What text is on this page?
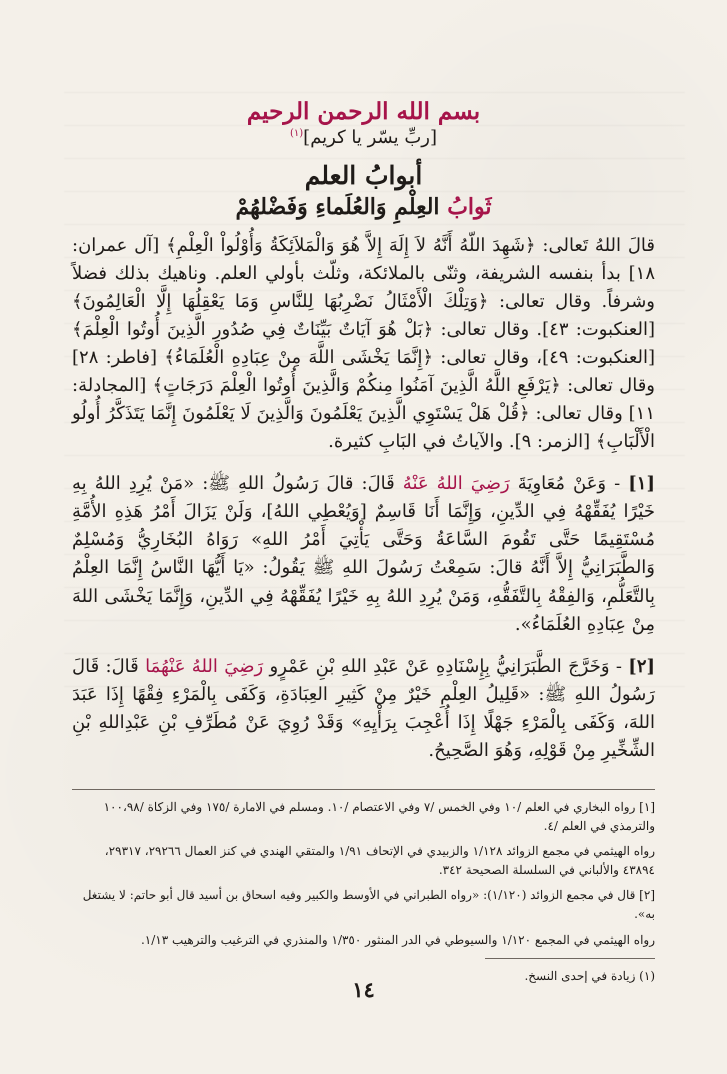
بسم الله الرحمن الرحيم
[ربِّ يسّر يا كريم]$^{(١)}$
أبوابُ العلم
ثَوابُ العِلْمِ وَالعُلَماءِ وَفَضْلهُمْ

قالَ اللهُ تَعالى: ﴿شَهِدَ اللّهُ أَنَّهُ لاَ إِلَهَ إِلاَّ هُوَ وَالْمَلاَئِكَةُ وَأُوْلُواْ الْعِلْمِ﴾ [آل عمران: ١٨] بدأ بنفسه الشريفة، وثنّى بالملائكة، وثلّث بأولي العلم. وناهيك بذلك فضلاً وشرفاً. وقال تعالى: ﴿وَتِلْكَ الْأَمْثَالُ نَضْرِبُهَا لِلنَّاسِ وَمَا يَعْقِلُهَا إِلَّا الْعَالِمُونَ﴾ [العنكبوت: ٤٣]. وقال تعالى: ﴿بَلْ هُوَ آيَاتٌ بَيِّنَاتٌ فِي صُدُورِ الَّذِينَ أُوتُوا الْعِلْمَ﴾ [العنكبوت: ٤٩]، وقال تعالى: ﴿إِنَّمَا يَخْشَى اللَّهَ مِنْ عِبَادِهِ الْعُلَمَاءُ﴾ [فاطر: ٢٨] وقال تعالى: ﴿يَرْفَعِ اللَّهُ الَّذِينَ آمَنُوا مِنكُمْ وَالَّذِينَ أُوتُوا الْعِلْمَ دَرَجَاتٍ﴾ [المجادلة: ١١] وقال تعالى: ﴿قُلْ هَلْ يَسْتَوِي الَّذِينَ يَعْلَمُونَ وَالَّذِينَ لَا يَعْلَمُونَ إِنَّمَا يَتَذَكَّرُ أُولُو الْأَلْبَابِ﴾ [الزمر: ٩]. والآياتُ في البَابِ كثيرة.

[١] - وَعَنْ مُعَاوِيَةَ رَضِيَ اللهُ عَنْهُ قَالَ: قالَ رَسُولُ اللهِ ﷺ: «مَنْ يُرِدِ اللهُ بِهِ خَيْرًا يُفَقِّهْهُ فِي الدِّينِ، وَإِنَّمَا أَنَا قَاسِمٌ [وَيُعْطِي اللهُ]، وَلَنْ يَزَالَ أَمْرُ هَذِهِ الأُمَّةِ مُسْتَقِيمًا حَتَّى تَقُومَ السَّاعَةُ وَحَتَّى يَأْتِيَ أَمْرُ اللهِ» رَوَاهُ البُخَارِيُّ وَمُسْلِمٌ وَالطَّبَرَانِيُّ إِلاَّ أَنَّهُ قالَ: سَمِعْتُ رَسُولَ اللهِ ﷺ يَقُولُ: «يَا أَيُّهَا النَّاسُ إِنَّمَا العِلْمُ بِالتَّعَلُّمِ، وَالفِقْهُ بِالتَّفَقُّهِ، وَمَنْ يُرِدِ اللهُ بِهِ خَيْرًا يُفَقِّهْهُ فِي الدِّينِ، وَإِنَّمَا يَخْشَى اللهَ مِنْ عِبَادِهِ العُلَمَاءُ».

[٢] - وَخَرَّجَ الطَّبَرَانِيُّ بِإِسْنَادِهِ عَنْ عَبْدِ اللهِ بْنِ عَمْرٍو رَضِيَ اللهُ عَنْهُمَا قَالَ: قَالَ رَسُولُ اللهِ ﷺ: «قَلِيلُ العِلْمِ خَيْرٌ مِنْ كَثِيرِ العِبَادَةِ، وَكَفَى بِالْمَرْءِ فِقْهًا إِذَا عَبَدَ اللهَ، وَكَفَى بِالْمَرْءِ جَهْلًا إِذَا أُعْجِبَ بِرَأْيِهِ» وَقَدْ رُوِيَ عَنْ مُطَرِّفِ بْنِ عَبْدِاللهِ بْنِ الشِّخِّيرِ مِنْ قَوْلِهِ، وَهُوَ الصَّحِيحُ.

[١] رواه البخاري في العلم /١٠ وفي الخمس /٧ وفي الاعتصام /١٠. ومسلم في الامارة /١٧٥ وفي الزكاة /١٠٠،٩٨ والترمذي في العلم /٤.

رواه الهيثمي في مجمع الزوائد ١/١٢٨ والزبيدي في الإتحاف ١/٩١ والمتقي الهندي في كنز العمال ٢٩٢٦٦، ٢٩٣١٧، ٤٣٨٩٤ والألباني في السلسلة الصحيحة ٣٤٢.

[٢] قال في مجمع الزوائد (١/١٢٠): «رواه الطبراني في الأوسط والكبير وفيه اسحاق بن أسيد قال أبو حاتم: لا يشتغل به».

رواه الهيثمي في المجمع ١/١٢٠ والسيوطي في الدر المنثور ١/٣٥٠ والمنذري في الترغيب والترهيب ١/١٣.

(١) زيادة في إحدى النسخ.

١٤
